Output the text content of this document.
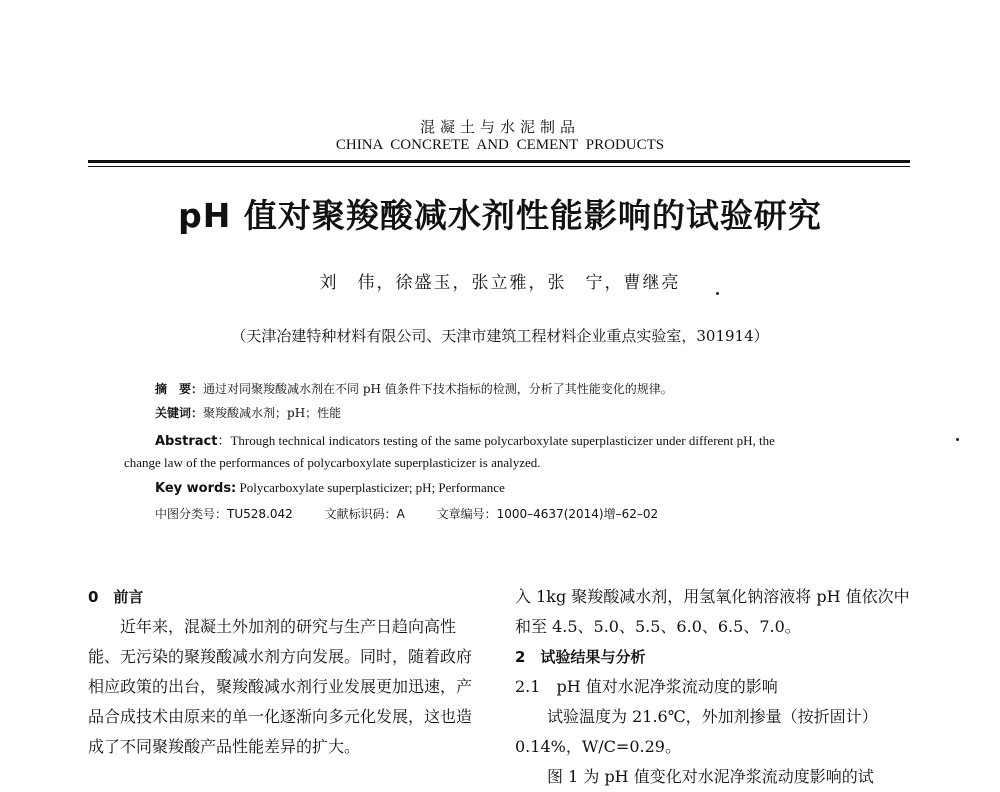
混凝土与水泥制品
CHINA CONCRETE AND CEMENT PRODUCTS
pH 值对聚羧酸减水剂性能影响的试验研究
刘　伟，徐盛玉，张立雅，张　宁，曹继亮
（天津冶建特种材料有限公司、天津市建筑工程材料企业重点实验室，301914）
摘　要：通过对同聚羧酸减水剂在不同 pH 值条件下技术指标的检测，分析了其性能变化的规律。
关键词：聚羧酸减水剂；pH；性能
Abstract：Through technical indicators testing of the same polycarboxylate superplasticizer under different pH, the
change law of the performances of polycarboxylate superplasticizer is analyzed.
Key words: Polycarboxylate superplasticizer; pH; Performance
中图分类号：TU528.042	文献标识码：A	文章编号：1000–4637(2014)增–62–02
0　前言
近年来，混凝土外加剂的研究与生产日趋向高性能、无污染的聚羧酸减水剂方向发展。同时，随着政府相应政策的出台，聚羧酸减水剂行业发展更加迅速，产品合成技术由原来的单一化逐渐向多元化发展，这也造成了不同聚羧酸产品性能差异的扩大。
入 1kg 聚羧酸减水剂，用氢氧化钠溶液将 pH 值依次中和至 4.5、5.0、5.5、6.0、6.5、7.0。
2　试验结果与分析
2.1　pH 值对水泥净浆流动度的影响
试验温度为 21.6℃，外加剂掺量（按折固计）0.14%，W/C=0.29。
图 1 为 pH 值变化对水泥净浆流动度影响的试
